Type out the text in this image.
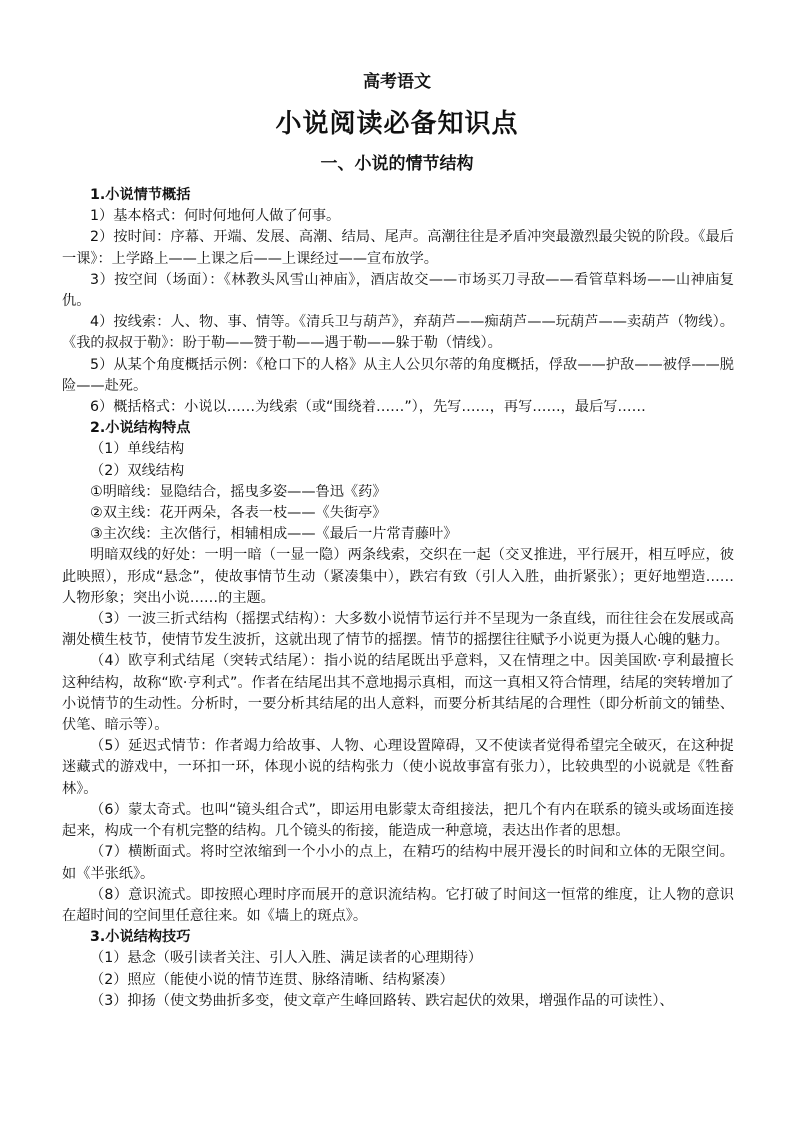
高考语文
小说阅读必备知识点
一、小说的情节结构

1.小说情节概括

1）基本格式：何时何地何人做了何事。

2）按时间：序幕、开端、发展、高潮、结局、尾声。高潮往往是矛盾冲突最激烈最尖锐的阶段。《最后一课》：上学路上——上课之后——上课经过——宣布放学。

3）按空间（场面）：《林教头风雪山神庙》，酒店故交——市场买刀寻敌——看管草料场——山神庙复仇。

4）按线索：人、物、事、情等。《清兵卫与葫芦》，弃葫芦——痴葫芦——玩葫芦——卖葫芦（物线）。《我的叔叔于勒》：盼于勒——赞于勒——遇于勒——躲于勒（情线）。

5）从某个角度概括示例：《枪口下的人格》从主人公贝尔蒂的角度概括，俘敌——护敌——被俘——脱险——赴死。

6）概括格式：小说以……为线索（或“围绕着……”），先写……，再写……，最后写……

2.小说结构特点

（1）单线结构

（2）双线结构

①明暗线：显隐结合，摇曳多姿——鲁迅《药》

②双主线：花开两朵，各表一枝——《失街亭》

③主次线：主次偕行，相辅相成——《最后一片常青藤叶》

明暗双线的好处：一明一暗（一显一隐）两条线索，交织在一起（交叉推进，平行展开，相互呼应，彼此映照），形成“悬念”，使故事情节生动（紧凑集中），跌宕有致（引人入胜，曲折紧张）；更好地塑造……人物形象；突出小说……的主题。

（3）一波三折式结构（摇摆式结构）：大多数小说情节运行并不呈现为一条直线，而往往会在发展或高潮处横生枝节，使情节发生波折，这就出现了情节的摇摆。情节的摇摆往往赋予小说更为摄人心魄的魅力。

（4）欧亨利式结尾（突转式结尾）：指小说的结尾既出乎意料，又在情理之中。因美国欧·亨利最擅长这种结构，故称“欧·亨利式”。作者在结尾出其不意地揭示真相，而这一真相又符合情理，结尾的突转增加了小说情节的生动性。分析时，一要分析其结尾的出人意料，而要分析其结尾的合理性（即分析前文的铺垫、伏笔、暗示等）。

（5）延迟式情节：作者竭力给故事、人物、心理设置障碍，又不使读者觉得希望完全破灭，在这种捉迷藏式的游戏中，一环扣一环，体现小说的结构张力（使小说故事富有张力），比较典型的小说就是《牲畜林》。

（6）蒙太奇式。也叫“镜头组合式”，即运用电影蒙太奇组接法，把几个有内在联系的镜头或场面连接起来，构成一个有机完整的结构。几个镜头的衔接，能造成一种意境，表达出作者的思想。

（7）横断面式。将时空浓缩到一个小小的点上，在精巧的结构中展开漫长的时间和立体的无限空间。如《半张纸》。

（8）意识流式。即按照心理时序而展开的意识流结构。它打破了时间这一恒常的维度，让人物的意识在超时间的空间里任意往来。如《墙上的斑点》。

3.小说结构技巧

（1）悬念（吸引读者关注、引人入胜、满足读者的心理期待）

（2）照应（能使小说的情节连贯、脉络清晰、结构紧凑）

（3）抑扬（使文势曲折多变，使文章产生峰回路转、跌宕起伏的效果，增强作品的可读性）、
